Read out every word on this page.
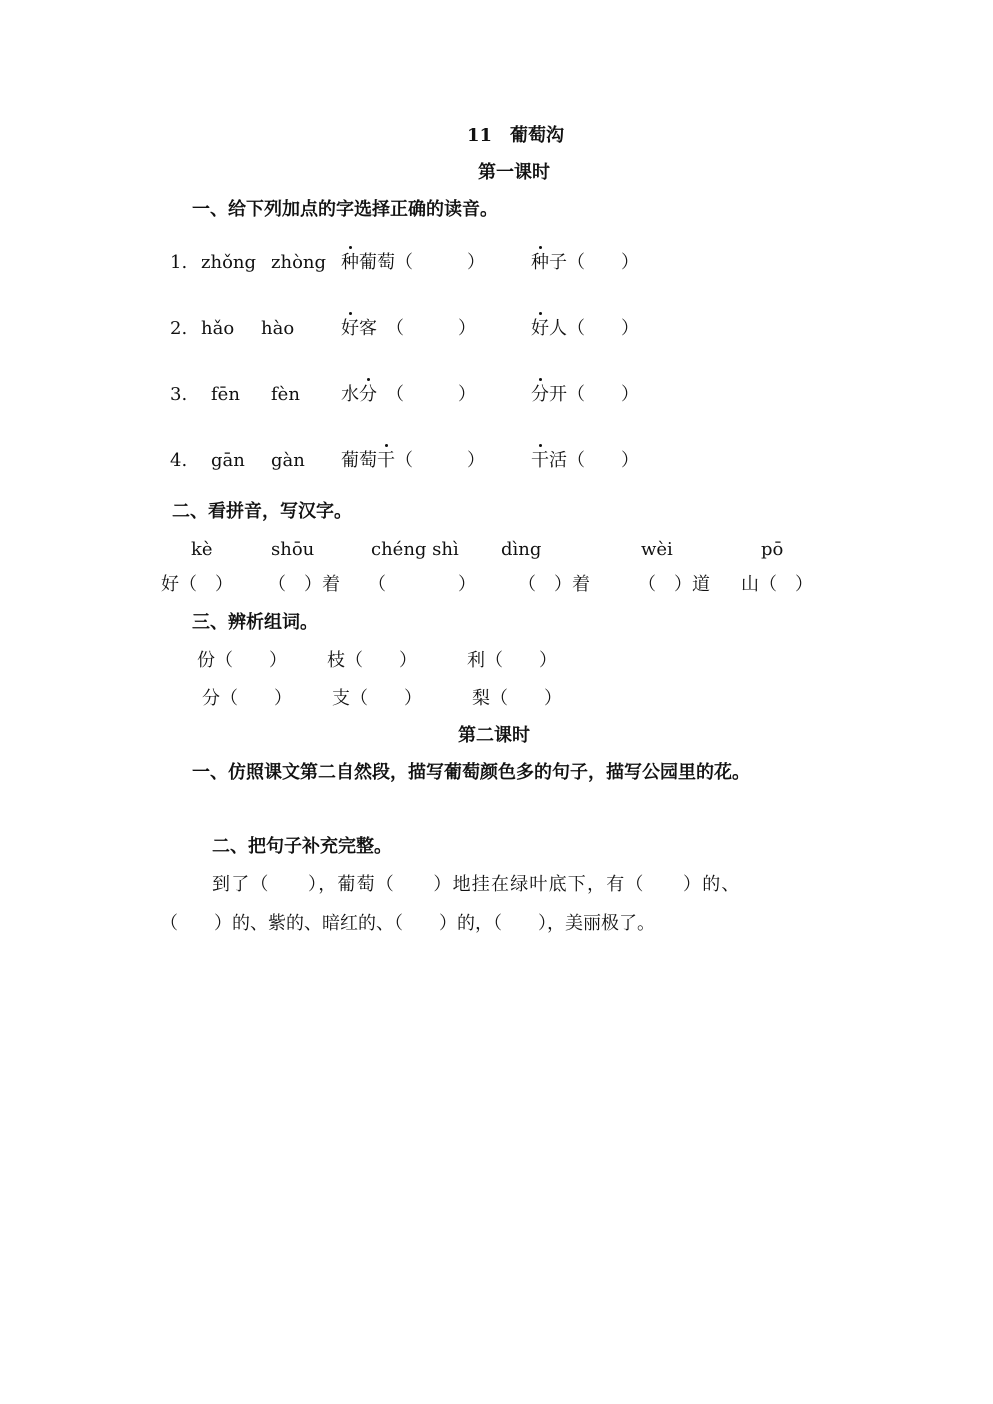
11　葡萄沟
第一课时
一、给下列加点的字选择正确的读音。
1. zhǒng zhòng 种葡萄（　　　）	种子（　　）
2. hǎo hào	好客　（　　　）	好人（　　）
3. fēn fèn 水分　（　　　）	分开（　　）
4. gān gàn 葡萄干（　　　）	干活（　　）
二、看拼音，写汉字。
kè	shōu	chéng shì dìng	wèi	pō
好（　） （　）着 （　　　　） （　）着	（　）道 山（　）
三、辨析组词。
份（　　） 枝（　　）	利（　　）
分（　　） 支（　　）	梨（　　）
第二课时
一、仿照课文第二自然段，描写葡萄颜色多的句子，描写公园里的花。
二、把句子补充完整。
到了（　　），葡萄（　　）地挂在绿叶底下，有（　　）的、
（　　）的、紫的、暗红的、（　　）的，（　　），美丽极了。
